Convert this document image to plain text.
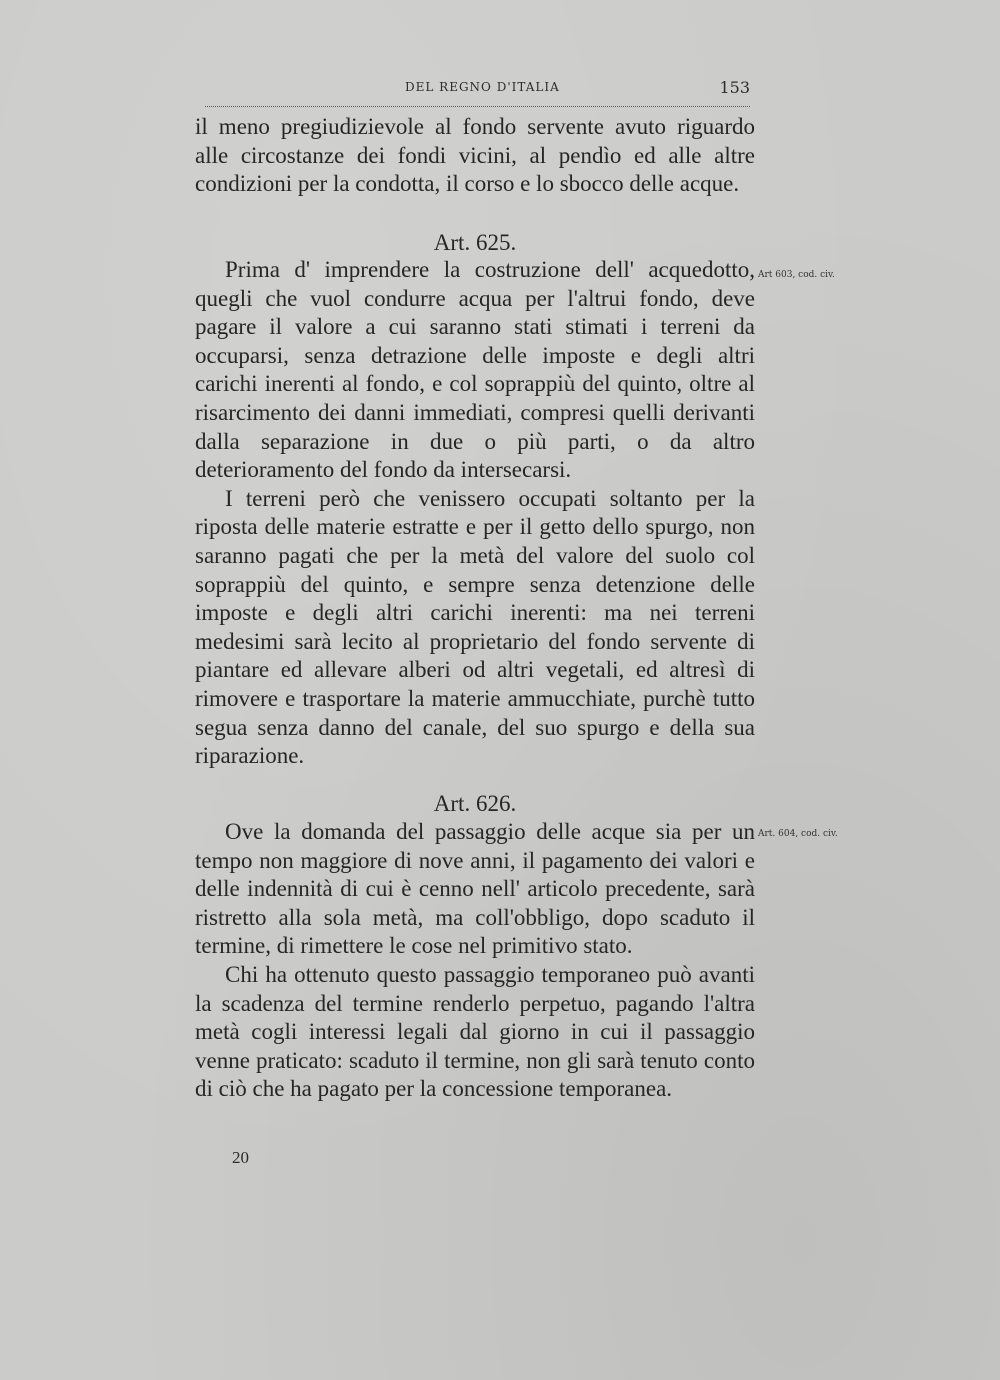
DEL REGNO D'ITALIA	153

il meno pregiudizievole al fondo servente avuto riguardo alle circostanze dei fondi vicini, al pendìo ed alle altre condizioni per la condotta, il corso e lo sbocco delle acque.

Art. 625.
Art 603, cod. civ.

Prima d' imprendere la costruzione dell' acquedotto, quegli che vuol condurre acqua per l'altrui fondo, deve pagare il valore a cui saranno stati stimati i terreni da occuparsi, senza detrazione delle imposte e degli altri carichi inerenti al fondo, e col soprappiù del quinto, oltre al risarcimento dei danni immediati, compresi quelli derivanti dalla separazione in due o più parti, o da altro deterioramento del fondo da intersecarsi.

I terreni però che venissero occupati soltanto per la riposta delle materie estratte e per il getto dello spurgo, non saranno pagati che per la metà del valore del suolo col soprappiù del quinto, e sempre senza detenzione delle imposte e degli altri carichi inerenti: ma nei terreni medesimi sarà lecito al proprietario del fondo servente di piantare ed allevare alberi od altri vegetali, ed altresì di rimovere e trasportare la materie ammucchiate, purchè tutto segua senza danno del canale, del suo spurgo e della sua riparazione.

Art. 626.
Art. 604, cod. civ.

Ove la domanda del passaggio delle acque sia per un tempo non maggiore di nove anni, il pagamento dei valori e delle indennità di cui è cenno nell' articolo precedente, sarà ristretto alla sola metà, ma coll'obbligo, dopo scaduto il termine, di rimettere le cose nel primitivo stato.

Chi ha ottenuto questo passaggio temporaneo può avanti la scadenza del termine renderlo perpetuo, pagando l'altra metà cogli interessi legali dal giorno in cui il passaggio venne praticato: scaduto il termine, non gli sarà tenuto conto di ciò che ha pagato per la concessione temporanea.

20
